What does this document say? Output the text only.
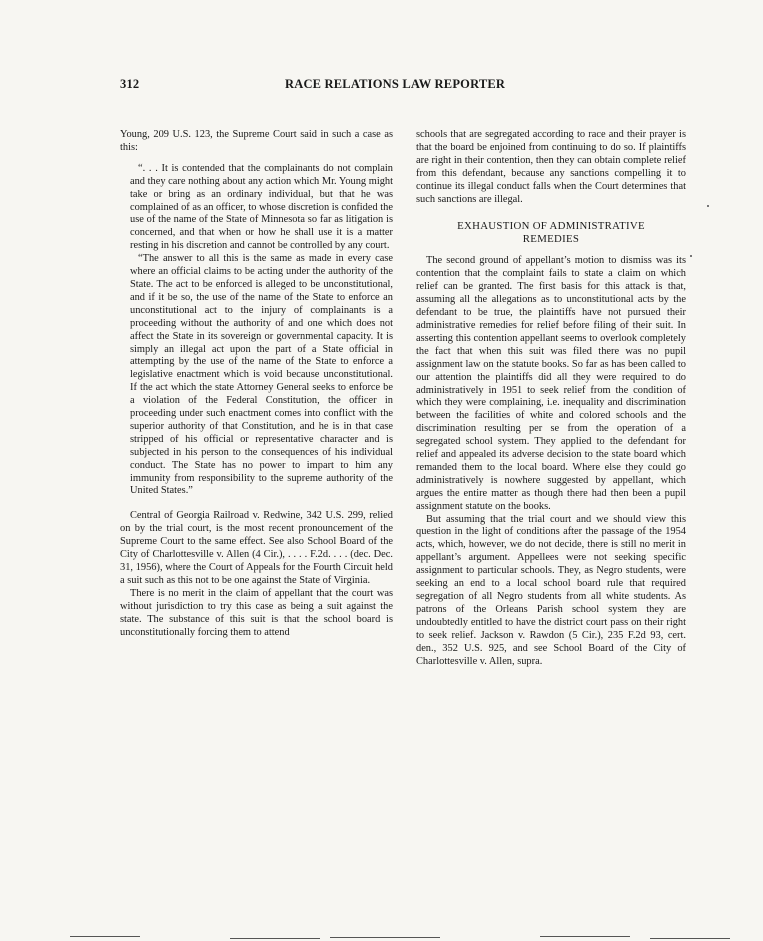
312	RACE RELATIONS LAW REPORTER

Young, 209 U.S. 123, the Supreme Court said in such a case as this:

“. . . It is contended that the complainants do not complain and they care nothing about any action which Mr. Young might take or bring as an ordinary individual, but that he was complained of as an officer, to whose discretion is confided the use of the name of the State of Minnesota so far as litigation is concerned, and that when or how he shall use it is a matter resting in his discretion and cannot be controlled by any court.

“The answer to all this is the same as made in every case where an official claims to be acting under the authority of the State. The act to be enforced is alleged to be unconstitutional, and if it be so, the use of the name of the State to enforce an unconstitutional act to the injury of complainants is a proceeding without the authority of and one which does not affect the State in its sovereign or governmental capacity. It is simply an illegal act upon the part of a State official in attempting by the use of the name of the State to enforce a legislative enactment which is void because unconstitutional. If the act which the state Attorney General seeks to enforce be a violation of the Federal Constitution, the officer in proceeding under such enactment comes into conflict with the superior authority of that Constitution, and he is in that case stripped of his official or representative character and is subjected in his person to the consequences of his individual conduct. The State has no power to impart to him any immunity from responsibility to the supreme authority of the United States.”

Central of Georgia Railroad v. Redwine, 342 U.S. 299, relied on by the trial court, is the most recent pronouncement of the Supreme Court to the same effect. See also School Board of the City of Charlottesville v. Allen (4 Cir.), . . . . F.2d. . . . (dec. Dec. 31, 1956), where the Court of Appeals for the Fourth Circuit held a suit such as this not to be one against the State of Virginia.

There is no merit in the claim of appellant that the court was without jurisdiction to try this case as being a suit against the state. The substance of this suit is that the school board is unconstitutionally forcing them to attend

schools that are segregated according to race and their prayer is that the board be enjoined from continuing to do so. If plaintiffs are right in their contention, then they can obtain complete relief from this defendant, because any sanctions compelling it to continue its illegal conduct falls when the Court determines that such sanctions are illegal.

EXHAUSTION OF ADMINISTRATIVE
REMEDIES

The second ground of appellant’s motion to dismiss was its contention that the complaint fails to state a claim on which relief can be granted. The first basis for this attack is that, assuming all the allegations as to unconstitutional acts by the defendant to be true, the plaintiffs have not pursued their administrative remedies for relief before filing of their suit. In asserting this contention appellant seems to overlook completely the fact that when this suit was filed there was no pupil assignment law on the statute books. So far as has been called to our attention the plaintiffs did all they were required to do administratively in 1951 to seek relief from the condition of which they were complaining, i.e. inequality and discrimination between the facilities of white and colored schools and the discrimination resulting per se from the operation of a segregated school system. They applied to the defendant for relief and appealed its adverse decision to the state board which remanded them to the local board. Where else they could go administratively is nowhere suggested by appellant, which argues the entire matter as though there had then been a pupil assignment statute on the books.

But assuming that the trial court and we should view this question in the light of conditions after the passage of the 1954 acts, which, however, we do not decide, there is still no merit in appellant’s argument. Appellees were not seeking specific assignment to particular schools. They, as Negro students, were seeking an end to a local school board rule that required segregation of all Negro students from all white students. As patrons of the Orleans Parish school system they are undoubtedly entitled to have the district court pass on their right to seek relief. Jackson v. Rawdon (5 Cir.), 235 F.2d 93, cert. den., 352 U.S. 925, and see School Board of the City of Charlottesville v. Allen, supra.
